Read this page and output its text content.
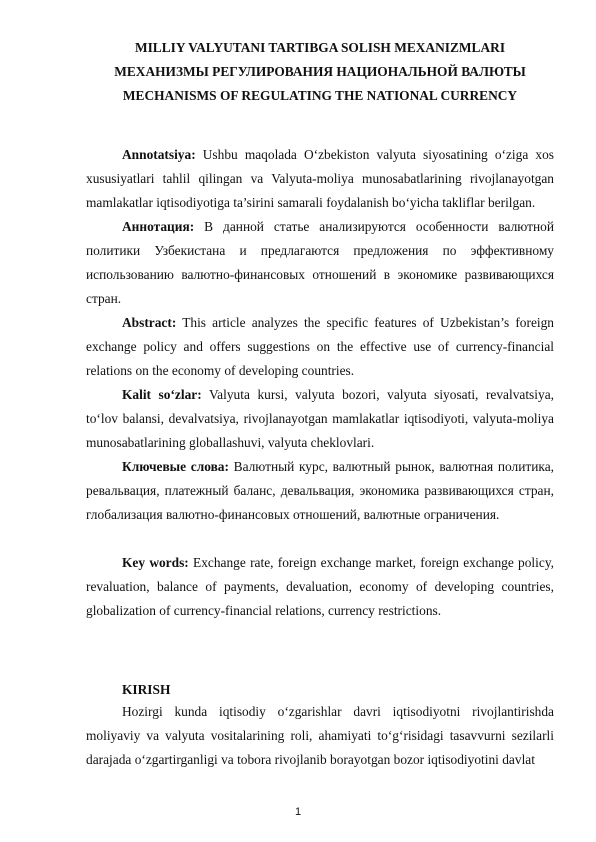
MILLIY VALYUTANI TARTIBGA SOLISH MEXANIZMLARI
МЕХАНИЗМЫ РЕГУЛИРОВАНИЯ НАЦИОНАЛЬНОЙ ВАЛЮТЫ
MECHANISMS OF REGULATING THE NATIONAL CURRENCY
Annotatsiya: Ushbu maqolada O‘zbekiston valyuta siyosatining o‘ziga xos xususiyatlari tahlil qilingan va Valyuta-moliya munosabatlarining rivojlanayotgan mamlakatlar iqtisodiyotiga ta’sirini samarali foydalanish bo‘yicha takliflar berilgan.
Аннотация: В данной статье анализируются особенности валютной политики Узбекистана и предлагаются предложения по эффективному использованию валютно-финансовых отношений в экономике развивающихся стран.
Abstract: This article analyzes the specific features of Uzbekistan’s foreign exchange policy and offers suggestions on the effective use of currency-financial relations on the economy of developing countries.
Kalit so‘zlar: Valyuta kursi, valyuta bozori, valyuta siyosati, revalvatsiya, to‘lov balansi, devalvatsiya, rivojlanayotgan mamlakatlar iqtisodiyoti, valyuta-moliya munosabatlarining globallashuvi, valyuta cheklovlari.
Ключевые слова: Валютный курс, валютный рынок, валютная политика, ревальвация, платежный баланс, девальвация, экономика развивающихся стран, глобализация валютно-финансовых отношений, валютные ограничения.
Key words: Exchange rate, foreign exchange market, foreign exchange policy, revaluation, balance of payments, devaluation, economy of developing countries, globalization of currency-financial relations, currency restrictions.
KIRISH
Hozirgi kunda iqtisodiy o‘zgarishlar davri iqtisodiyotni rivojlantirishda moliyaviy va valyuta vositalarining roli, ahamiyati to‘g‘risidagi tasavvurni sezilarli darajada o‘zgartirganligi va tobora rivojlanib borayotgan bozor iqtisodiyotini davlat
1
